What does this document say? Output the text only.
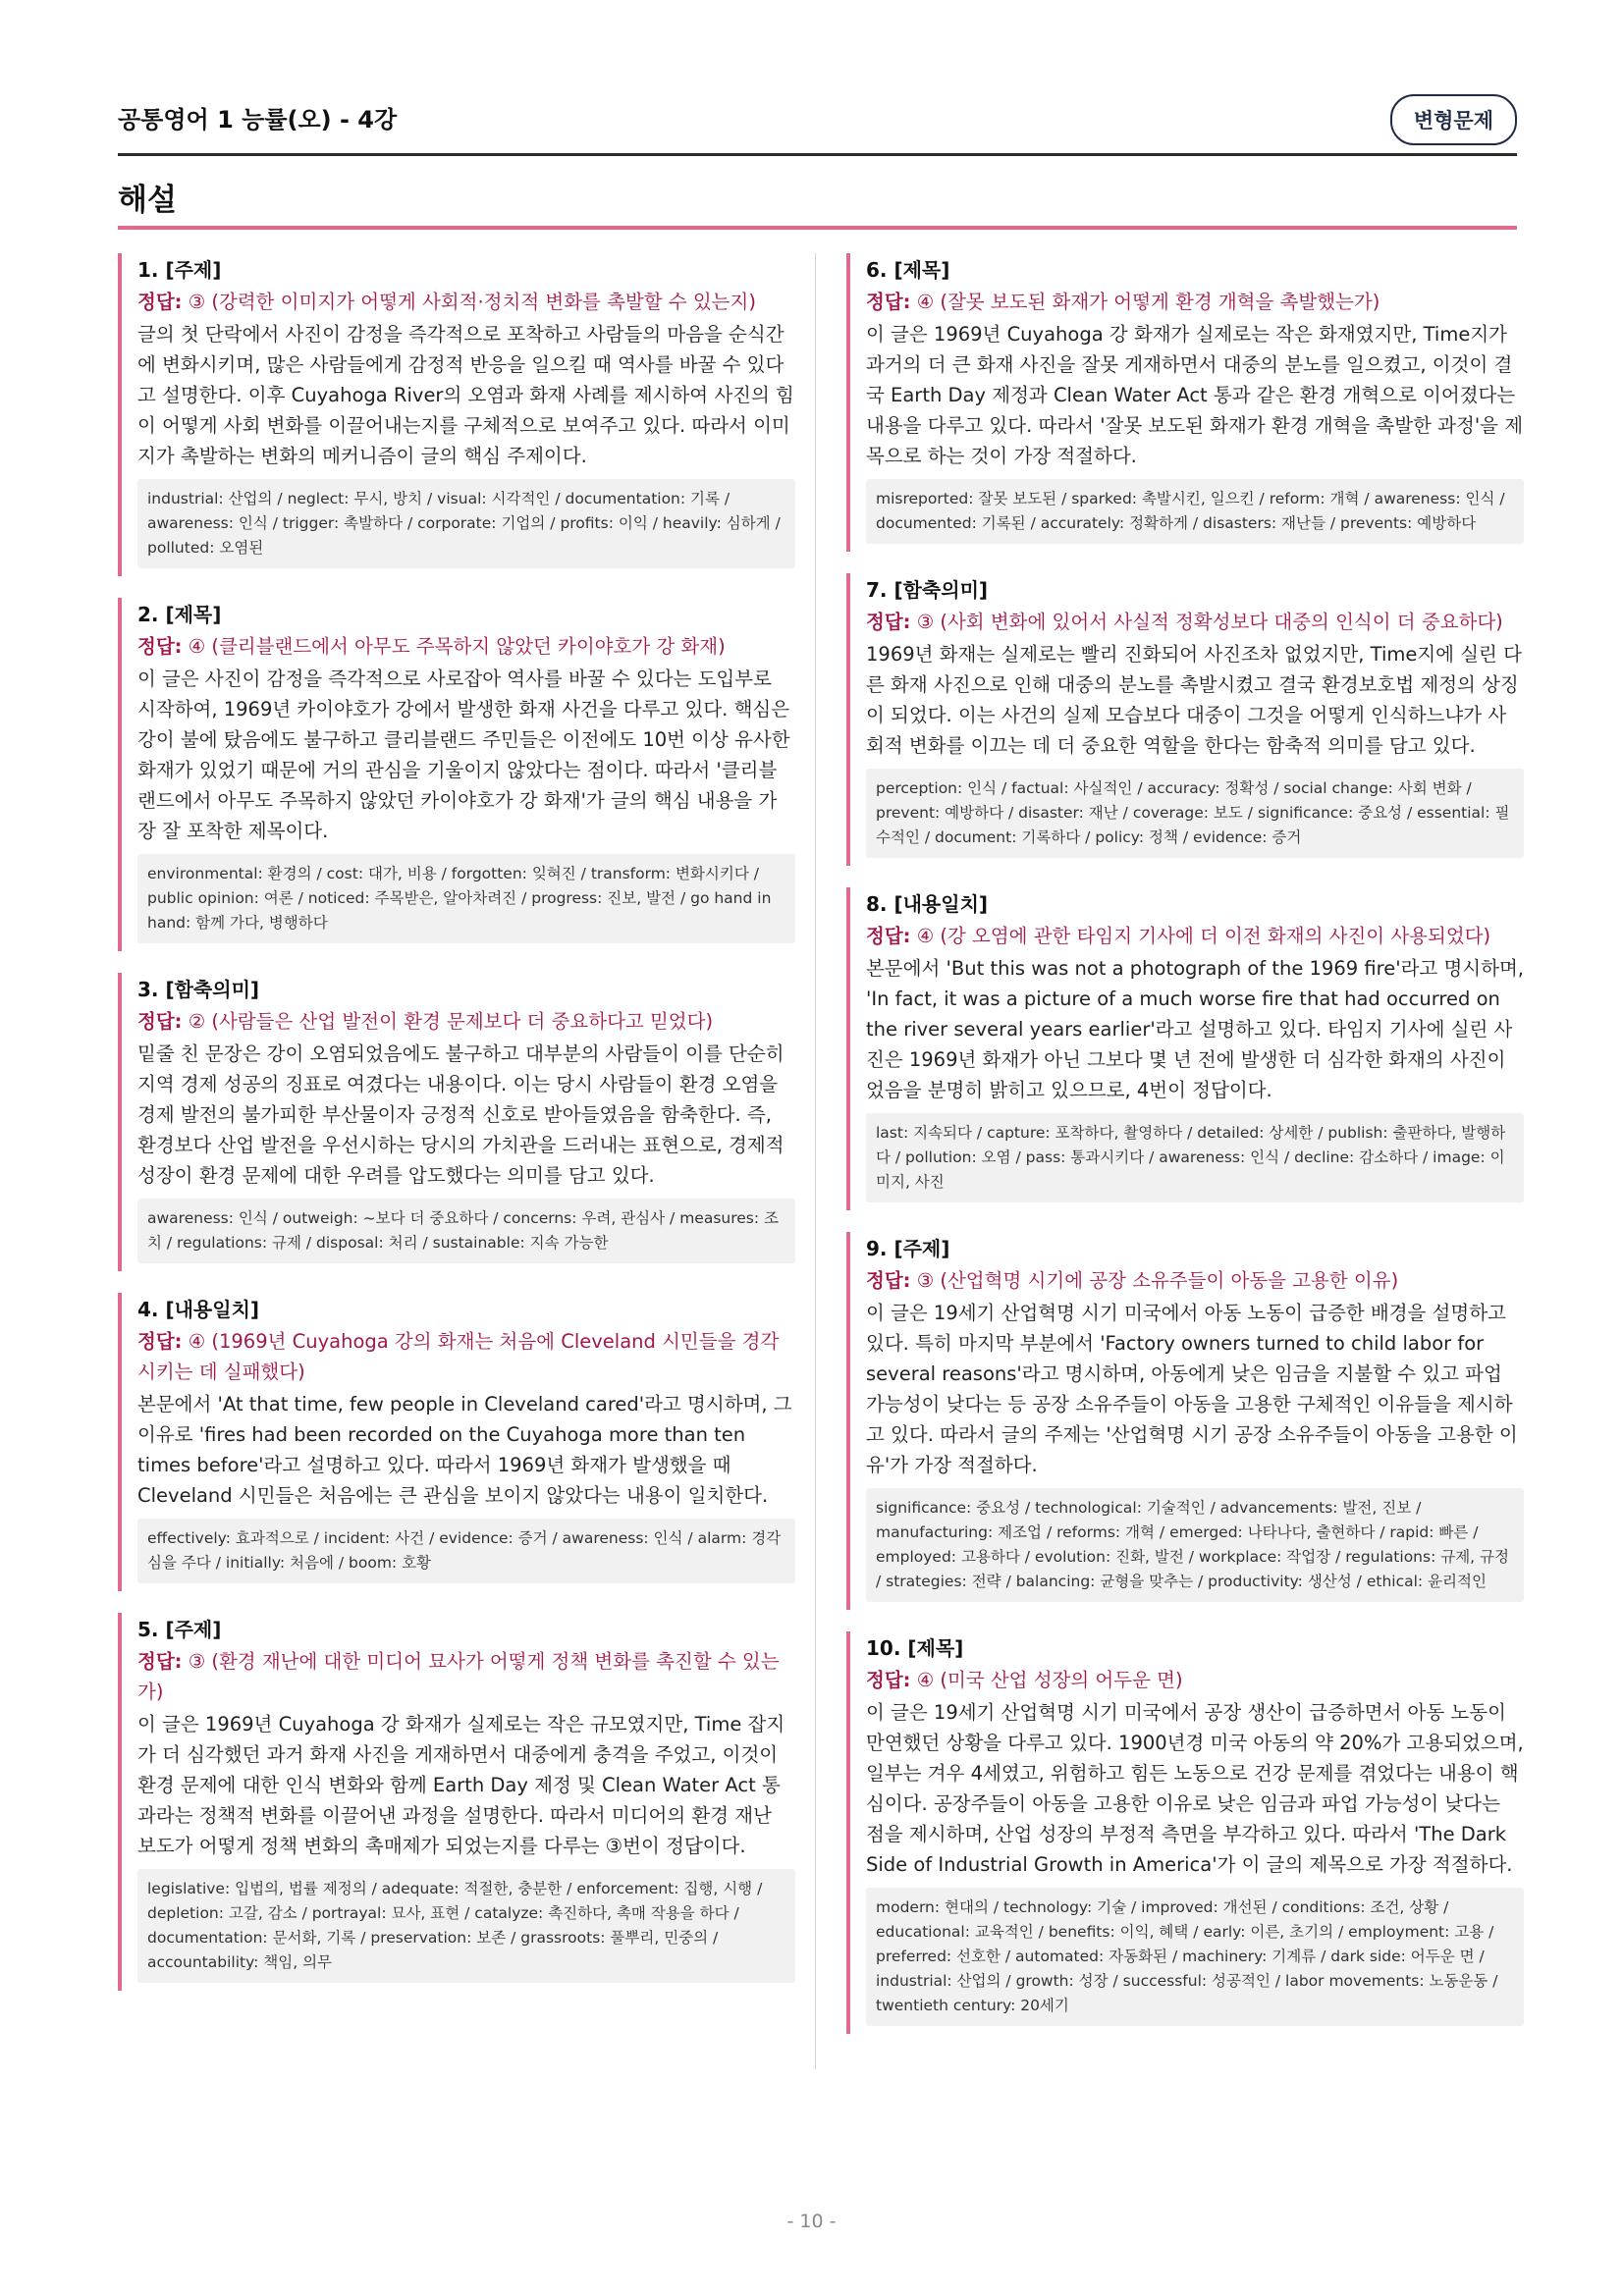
공통영어 1 능률(오) - 4강	변형문제
해설
1. [주제]
정답: ③ (강력한 이미지가 어떻게 사회적·정치적 변화를 촉발할 수 있는지)
글의 첫 단락에서 사진이 감정을 즉각적으로 포착하고 사람들의 마음을 순식간에 변화시키며, 많은 사람들에게 감정적 반응을 일으킬 때 역사를 바꿀 수 있다고 설명한다. 이후 Cuyahoga River의 오염과 화재 사례를 제시하여 사진의 힘이 어떻게 사회 변화를 이끌어내는지를 구체적으로 보여주고 있다. 따라서 이미지가 촉발하는 변화의 메커니즘이 글의 핵심 주제이다.
industrial: 산업의 / neglect: 무시, 방치 / visual: 시각적인 / documentation: 기록 / awareness: 인식 / trigger: 촉발하다 / corporate: 기업의 / profits: 이익 / heavily: 심하게 / polluted: 오염된
2. [제목]
정답: ④ (클리블랜드에서 아무도 주목하지 않았던 카이야호가 강 화재)
이 글은 사진이 감정을 즉각적으로 사로잡아 역사를 바꿀 수 있다는 도입부로 시작하여, 1969년 카이야호가 강에서 발생한 화재 사건을 다루고 있다. 핵심은 강이 불에 탔음에도 불구하고 클리블랜드 주민들은 이전에도 10번 이상 유사한 화재가 있었기 때문에 거의 관심을 기울이지 않았다는 점이다. 따라서 '클리블랜드에서 아무도 주목하지 않았던 카이야호가 강 화재'가 글의 핵심 내용을 가장 잘 포착한 제목이다.
environmental: 환경의 / cost: 대가, 비용 / forgotten: 잊혀진 / transform: 변화시키다 / public opinion: 여론 / noticed: 주목받은, 알아차려진 / progress: 진보, 발전 / go hand in hand: 함께 가다, 병행하다
3. [함축의미]
정답: ② (사람들은 산업 발전이 환경 문제보다 더 중요하다고 믿었다)
밑줄 친 문장은 강이 오염되었음에도 불구하고 대부분의 사람들이 이를 단순히 지역 경제 성공의 징표로 여겼다는 내용이다. 이는 당시 사람들이 환경 오염을 경제 발전의 불가피한 부산물이자 긍정적 신호로 받아들였음을 함축한다. 즉, 환경보다 산업 발전을 우선시하는 당시의 가치관을 드러내는 표현으로, 경제적 성장이 환경 문제에 대한 우려를 압도했다는 의미를 담고 있다.
awareness: 인식 / outweigh: ~보다 더 중요하다 / concerns: 우려, 관심사 / measures: 조치 / regulations: 규제 / disposal: 처리 / sustainable: 지속 가능한
4. [내용일치]
정답: ④ (1969년 Cuyahoga 강의 화재는 처음에 Cleveland 시민들을 경각시키는 데 실패했다)
본문에서 'At that time, few people in Cleveland cared'라고 명시하며, 그 이유로 'fires had been recorded on the Cuyahoga more than ten times before'라고 설명하고 있다. 따라서 1969년 화재가 발생했을 때 Cleveland 시민들은 처음에는 큰 관심을 보이지 않았다는 내용이 일치한다.
effectively: 효과적으로 / incident: 사건 / evidence: 증거 / awareness: 인식 / alarm: 경각심을 주다 / initially: 처음에 / boom: 호황
5. [주제]
정답: ③ (환경 재난에 대한 미디어 묘사가 어떻게 정책 변화를 촉진할 수 있는가)
이 글은 1969년 Cuyahoga 강 화재가 실제로는 작은 규모였지만, Time 잡지가 더 심각했던 과거 화재 사진을 게재하면서 대중에게 충격을 주었고, 이것이 환경 문제에 대한 인식 변화와 함께 Earth Day 제정 및 Clean Water Act 통과라는 정책적 변화를 이끌어낸 과정을 설명한다. 따라서 미디어의 환경 재난 보도가 어떻게 정책 변화의 촉매제가 되었는지를 다루는 ③번이 정답이다.
legislative: 입법의, 법률 제정의 / adequate: 적절한, 충분한 / enforcement: 집행, 시행 / depletion: 고갈, 감소 / portrayal: 묘사, 표현 / catalyze: 촉진하다, 촉매 작용을 하다 / documentation: 문서화, 기록 / preservation: 보존 / grassroots: 풀뿌리, 민중의 / accountability: 책임, 의무
6. [제목]
정답: ④ (잘못 보도된 화재가 어떻게 환경 개혁을 촉발했는가)
이 글은 1969년 Cuyahoga 강 화재가 실제로는 작은 화재였지만, Time지가 과거의 더 큰 화재 사진을 잘못 게재하면서 대중의 분노를 일으켰고, 이것이 결국 Earth Day 제정과 Clean Water Act 통과 같은 환경 개혁으로 이어졌다는 내용을 다루고 있다. 따라서 '잘못 보도된 화재가 환경 개혁을 촉발한 과정'을 제목으로 하는 것이 가장 적절하다.
misreported: 잘못 보도된 / sparked: 촉발시킨, 일으킨 / reform: 개혁 / awareness: 인식 / documented: 기록된 / accurately: 정확하게 / disasters: 재난들 / prevents: 예방하다
7. [함축의미]
정답: ③ (사회 변화에 있어서 사실적 정확성보다 대중의 인식이 더 중요하다)
1969년 화재는 실제로는 빨리 진화되어 사진조차 없었지만, Time지에 실린 다른 화재 사진으로 인해 대중의 분노를 촉발시켰고 결국 환경보호법 제정의 상징이 되었다. 이는 사건의 실제 모습보다 대중이 그것을 어떻게 인식하느냐가 사회적 변화를 이끄는 데 더 중요한 역할을 한다는 함축적 의미를 담고 있다.
perception: 인식 / factual: 사실적인 / accuracy: 정확성 / social change: 사회 변화 / prevent: 예방하다 / disaster: 재난 / coverage: 보도 / significance: 중요성 / essential: 필수적인 / document: 기록하다 / policy: 정책 / evidence: 증거
8. [내용일치]
정답: ④ (강 오염에 관한 타임지 기사에 더 이전 화재의 사진이 사용되었다)
본문에서 'But this was not a photograph of the 1969 fire'라고 명시하며, 'In fact, it was a picture of a much worse fire that had occurred on the river several years earlier'라고 설명하고 있다. 타임지 기사에 실린 사진은 1969년 화재가 아닌 그보다 몇 년 전에 발생한 더 심각한 화재의 사진이었음을 분명히 밝히고 있으므로, 4번이 정답이다.
last: 지속되다 / capture: 포착하다, 촬영하다 / detailed: 상세한 / publish: 출판하다, 발행하다 / pollution: 오염 / pass: 통과시키다 / awareness: 인식 / decline: 감소하다 / image: 이미지, 사진
9. [주제]
정답: ③ (산업혁명 시기에 공장 소유주들이 아동을 고용한 이유)
이 글은 19세기 산업혁명 시기 미국에서 아동 노동이 급증한 배경을 설명하고 있다. 특히 마지막 부분에서 'Factory owners turned to child labor for several reasons'라고 명시하며, 아동에게 낮은 임금을 지불할 수 있고 파업 가능성이 낮다는 등 공장 소유주들이 아동을 고용한 구체적인 이유들을 제시하고 있다. 따라서 글의 주제는 '산업혁명 시기 공장 소유주들이 아동을 고용한 이유'가 가장 적절하다.
significance: 중요성 / technological: 기술적인 / advancements: 발전, 진보 / manufacturing: 제조업 / reforms: 개혁 / emerged: 나타나다, 출현하다 / rapid: 빠른 / employed: 고용하다 / evolution: 진화, 발전 / workplace: 작업장 / regulations: 규제, 규정 / strategies: 전략 / balancing: 균형을 맞추는 / productivity: 생산성 / ethical: 윤리적인
10. [제목]
정답: ④ (미국 산업 성장의 어두운 면)
이 글은 19세기 산업혁명 시기 미국에서 공장 생산이 급증하면서 아동 노동이 만연했던 상황을 다루고 있다. 1900년경 미국 아동의 약 20%가 고용되었으며, 일부는 겨우 4세였고, 위험하고 힘든 노동으로 건강 문제를 겪었다는 내용이 핵심이다. 공장주들이 아동을 고용한 이유로 낮은 임금과 파업 가능성이 낮다는 점을 제시하며, 산업 성장의 부정적 측면을 부각하고 있다. 따라서 'The Dark Side of Industrial Growth in America'가 이 글의 제목으로 가장 적절하다.
modern: 현대의 / technology: 기술 / improved: 개선된 / conditions: 조건, 상황 / educational: 교육적인 / benefits: 이익, 혜택 / early: 이른, 초기의 / employment: 고용 / preferred: 선호한 / automated: 자동화된 / machinery: 기계류 / dark side: 어두운 면 / industrial: 산업의 / growth: 성장 / successful: 성공적인 / labor movements: 노동운동 / twentieth century: 20세기
- 10 -
